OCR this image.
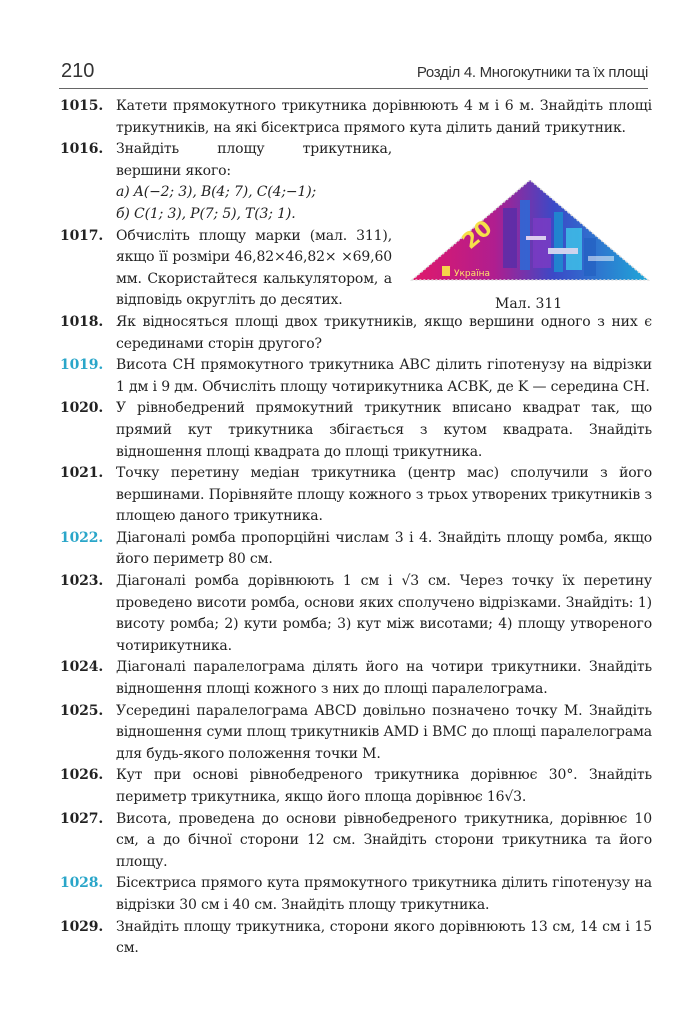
210	Розділ 4. Многокутники та їх площі
20
Україна
Мал. 311
1015. Катети прямокутного трикутника дорівнюють 4 м і 6 м. Знайдіть площі трикутників, на які бісектриса прямого кута ділить даний трикутник.
1016. Знайдіть площу трикутника, вершини якого:
а) A(−2; 3), B(4; 7), C(4;−1);
б) C(1; 3), P(7; 5), T(3; 1).
1017. Обчисліть площу марки (мал. 311), якщо її розміри 46,82×46,82× ×69,60 мм. Скористайтеся калькулятором, а відповідь округліть до десятих.
1018. Як відносяться площі двох трикутників, якщо вершини одного з них є серединами сторін другого?
1019. Висота CH прямокутного трикутника ABC ділить гіпотенузу на відрізки 1 дм і 9 дм. Обчисліть площу чотирикутника ACBK, де K — середина CH.
1020. У рівнобедрений прямокутний трикутник вписано квадрат так, що прямий кут трикутника збігається з кутом квадрата. Знайдіть відношення площі квадрата до площі трикутника.
1021. Точку перетину медіан трикутника (центр мас) сполучили з його вершинами. Порівняйте площу кожного з трьох утворених трикутників з площею даного трикутника.
1022. Діагоналі ромба пропорційні числам 3 і 4. Знайдіть площу ромба, якщо його периметр 80 см.
1023. Діагоналі ромба дорівнюють 1 см і √3 см. Через точку їх перетину проведено висоти ромба, основи яких сполучено відрізками. Знайдіть: 1) висоту ромба; 2) кути ромба; 3) кут між висотами; 4) площу утвореного чотирикутника.
1024. Діагоналі паралелограма ділять його на чотири трикутники. Знайдіть відношення площі кожного з них до площі паралелограма.
1025. Усередині паралелограма ABCD довільно позначено точку M. Знайдіть відношення суми площ трикутників AMD і BMC до площі паралелограма для будь-якого положення точки M.
1026. Кут при основі рівнобедреного трикутника дорівнює 30°. Знайдіть периметр трикутника, якщо його площа дорівнює 16√3.
1027. Висота, проведена до основи рівнобедреного трикутника, дорівнює 10 см, а до бічної сторони 12 см. Знайдіть сторони трикутника та його площу.
1028. Бісектриса прямого кута прямокутного трикутника ділить гіпотенузу на відрізки 30 см і 40 см. Знайдіть площу трикутника.
1029. Знайдіть площу трикутника, сторони якого дорівнюють 13 см, 14 см і 15 см.
